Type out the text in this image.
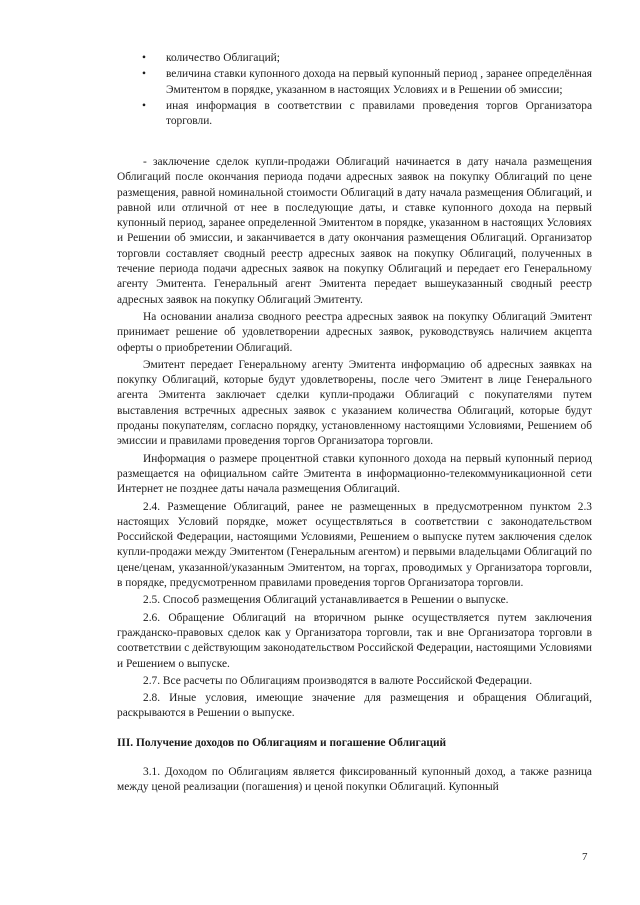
• количество Облигаций;
• величина ставки купонного дохода на первый купонный период , заранее определённая Эмитентом в порядке, указанном в настоящих Условиях и в Решении об эмиссии;
• иная информация в соответствии с правилами проведения торгов Организатора торговли.

- заключение сделок купли-продажи Облигаций начинается в дату начала размещения Облигаций после окончания периода подачи адресных заявок на покупку Облигаций по цене размещения, равной номинальной стоимости Облигаций в дату начала размещения Облигаций, и равной или отличной от нее в последующие даты, и ставке купонного дохода на первый купонный период, заранее определенной Эмитентом в порядке, указанном в настоящих Условиях и Решении об эмиссии, и заканчивается в дату окончания размещения Облигаций. Организатор торговли составляет сводный реестр адресных заявок на покупку Облигаций, полученных в течение периода подачи адресных заявок на покупку Облигаций и передает его Генеральному агенту Эмитента. Генеральный агент Эмитента передает вышеуказанный сводный реестр адресных заявок на покупку Облигаций Эмитенту.

На основании анализа сводного реестра адресных заявок на покупку Облигаций Эмитент принимает решение об удовлетворении адресных заявок, руководствуясь наличием акцепта оферты о приобретении Облигаций.

Эмитент передает Генеральному агенту Эмитента информацию об адресных заявках на покупку Облигаций, которые будут удовлетворены, после чего Эмитент в лице Генерального агента Эмитента заключает сделки купли-продажи Облигаций с покупателями путем выставления встречных адресных заявок с указанием количества Облигаций, которые будут проданы покупателям, согласно порядку, установленному настоящими Условиями, Решением об эмиссии и правилами проведения торгов Организатора торговли.

Информация о размере процентной ставки купонного дохода на первый купонный период размещается на официальном сайте Эмитента в информационно-телекоммуникационной сети Интернет не позднее даты начала размещения Облигаций.

2.4. Размещение Облигаций, ранее не размещенных в предусмотренном пунктом 2.3 настоящих Условий порядке, может осуществляться в соответствии с законодательством Российской Федерации, настоящими Условиями, Решением о выпуске путем заключения сделок купли-продажи между Эмитентом (Генеральным агентом) и первыми владельцами Облигаций по цене/ценам, указанной/указанным Эмитентом, на торгах, проводимых у Организатора торговли, в порядке, предусмотренном правилами проведения торгов Организатора торговли.

2.5. Способ размещения Облигаций устанавливается в Решении о выпуске.

2.6. Обращение Облигаций на вторичном рынке осуществляется путем заключения гражданско-правовых сделок как у Организатора торговли, так и вне Организатора торговли в соответствии с действующим законодательством Российской Федерации, настоящими Условиями и Решением о выпуске.

2.7. Все расчеты по Облигациям производятся в валюте Российской Федерации.

2.8. Иные условия, имеющие значение для размещения и обращения Облигаций, раскрываются в Решении о выпуске.

III. Получение доходов по Облигациям и погашение Облигаций

3.1. Доходом по Облигациям является фиксированный купонный доход, а также разница между ценой реализации (погашения) и ценой покупки Облигаций. Купонный

7
